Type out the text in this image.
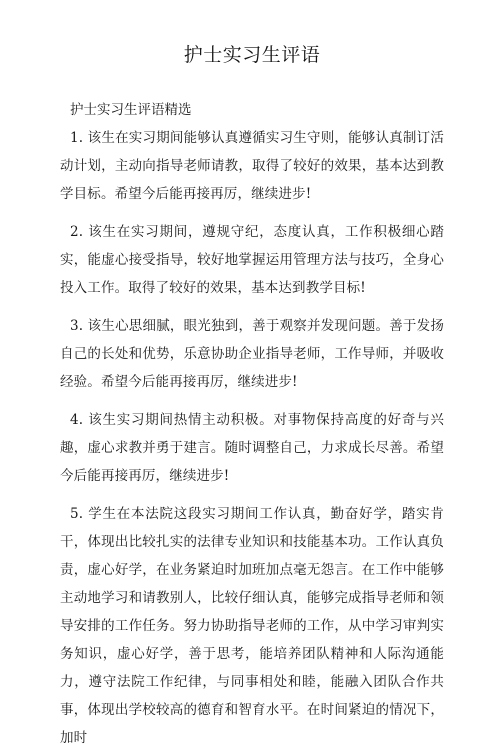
护士实习生评语

护士实习生评语精选

1. 该生在实习期间能够认真遵循实习生守则，能够认真制订活动计划，主动向指导老师请教，取得了较好的效果，基本达到教学目标。希望今后能再接再厉，继续进步!

2. 该生在实习期间，遵规守纪，态度认真，工作积极细心踏实，能虚心接受指导，较好地掌握运用管理方法与技巧，全身心投入工作。取得了较好的效果，基本达到教学目标!

3. 该生心思细腻，眼光独到，善于观察并发现问题。善于发扬自己的长处和优势，乐意协助企业指导老师，工作导师，并吸收经验。希望今后能再接再厉，继续进步!

4. 该生实习期间热情主动积极。对事物保持高度的好奇与兴趣，虚心求教并勇于建言。随时调整自己，力求成长尽善。希望今后能再接再厉，继续进步!

5. 学生在本法院这段实习期间工作认真，勤奋好学，踏实肯干，体现出比较扎实的法律专业知识和技能基本功。工作认真负责，虚心好学，在业务紧迫时加班加点毫无怨言。在工作中能够主动地学习和请教别人，比较仔细认真，能够完成指导老师和领导安排的工作任务。努力协助指导老师的工作，从中学习审判实务知识，虚心好学，善于思考，能培养团队精神和人际沟通能力，遵守法院工作纪律，与同事相处和睦，能融入团队合作共事，体现出学校较高的德育和智育水平。在时间紧迫的情况下，加时
